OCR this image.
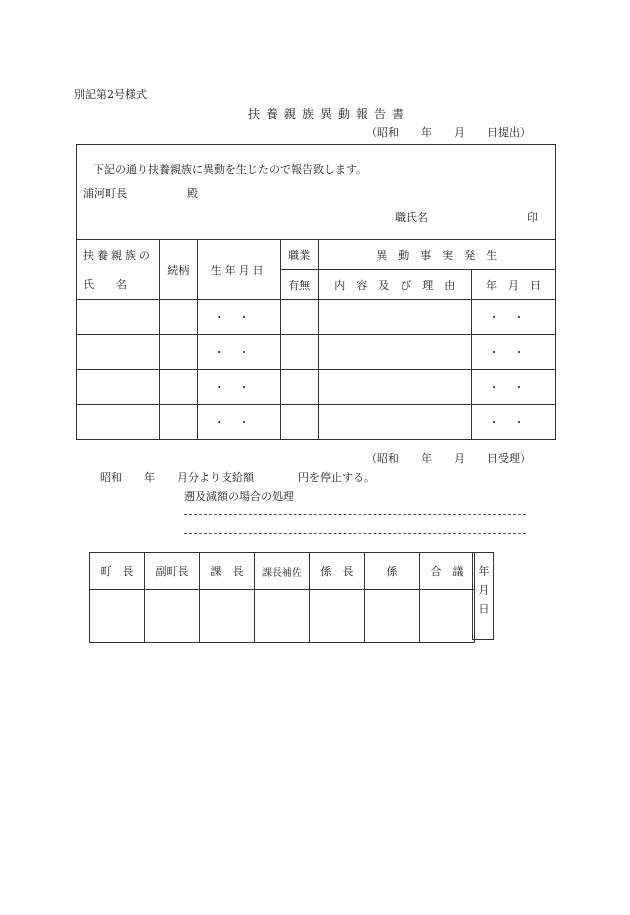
別記第2号様式
扶養親族異動報告書
（昭和　　年　　月　　日提出）
下記の通り扶養親族に異動を生じたので報告致します。
浦河町長	殿
職氏名	印
扶養親族の
氏　　名	続柄	生年月日	職業	異　動　事　実　発　生	
			有無	内　容　及　び　理　由	年　月　日
		・・			・・
		・・			・・
		・・			・・
		・・			・・
（昭和　　年　　月　　日受理）
昭和　　年　　月分より支給額　　　　円を停止する。
遡及減額の場合の処理
町　長	副町長	課　長	課長補佐	係　長	係	合　議
						年月日
